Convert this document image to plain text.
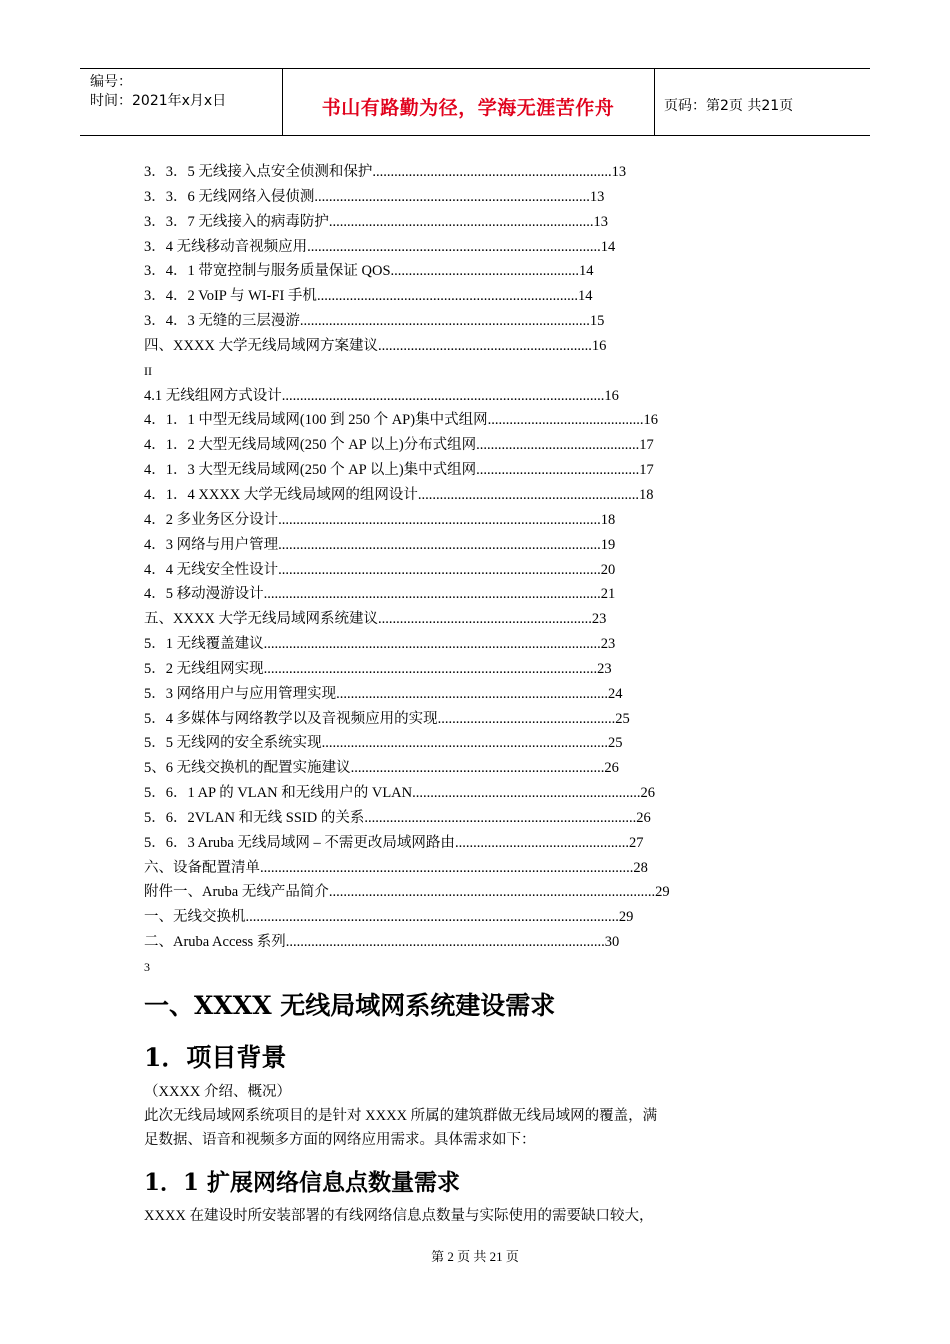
编号：
时间：2021年x月x日	书山有路勤为径，学海无涯苦作舟	页码：第2页 共21页
3．3．5 无线接入点安全侦测和保护..................................................................13
3．3．6 无线网络入侵侦测............................................................................13
3．3．7 无线接入的病毒防护.........................................................................13
3．4 无线移动音视频应用.................................................................................14
3．4．1 带宽控制与服务质量保证 QOS....................................................14
3．4．2 VoIP 与 WI-FI 手机........................................................................14
3．4．3 无缝的三层漫游................................................................................15
四、XXXX 大学无线局域网方案建议...........................................................16
II
4.1 无线组网方式设计.........................................................................................16
4．1．1 中型无线局域网(100 到 250 个 AP)集中式组网...........................................16
4．1．2 大型无线局域网(250 个 AP 以上)分布式组网.............................................17
4．1．3 大型无线局域网(250 个 AP 以上)集中式组网.............................................17
4．1．4 XXXX 大学无线局域网的组网设计.............................................................18
4．2 多业务区分设计.........................................................................................18
4．3 网络与用户管理.........................................................................................19
4．4 无线安全性设计.........................................................................................20
4．5 移动漫游设计.............................................................................................21
五、XXXX 大学无线局域网系统建议...........................................................23
5．1 无线覆盖建议.............................................................................................23
5．2 无线组网实现............................................................................................23
5．3 网络用户与应用管理实现...........................................................................24
5．4 多媒体与网络教学以及音视频应用的实现.................................................25
5．5 无线网的安全系统实现...............................................................................25
5、6 无线交换机的配置实施建议......................................................................26
5．6．1 AP 的 VLAN 和无线用户的 VLAN...............................................................26
5．6．2VLAN 和无线 SSID 的关系...........................................................................26
5．6．3 Aruba 无线局域网 – 不需更改局域网路由................................................27
六、设备配置清单.......................................................................................................28
附件一、Aruba 无线产品简介..........................................................................................29
一、无线交换机.......................................................................................................29
二、Aruba Access 系列........................................................................................30
3
一、XXXX 无线局域网系统建设需求
1．项目背景
（XXXX 介绍、概况）
此次无线局域网系统项目的是针对 XXXX 所属的建筑群做无线局域网的覆盖，满
足数据、语音和视频多方面的网络应用需求。具体需求如下：
1．1 扩展网络信息点数量需求
XXXX 在建设时所安装部署的有线网络信息点数量与实际使用的需要缺口较大，
第 2 页 共 21 页
